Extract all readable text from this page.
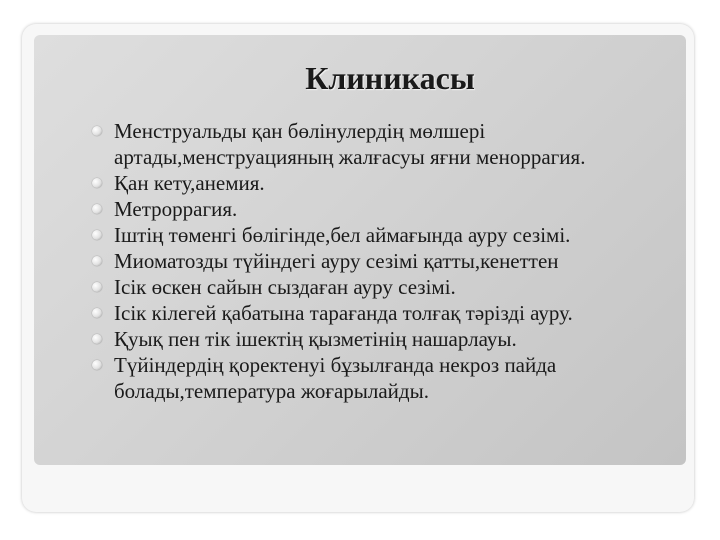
Клиникасы
Менструальды қан бөлінулердің мөлшері артады,менструацияның жалғасуы яғни меноррагия.
Қан кету,анемия.
Метроррагия.
Іштің төменгі бөлігінде,бел аймағында ауру сезімі.
Миоматозды түйіндегі ауру сезімі қатты,кенеттен
Ісік өскен сайын сыздаған ауру сезімі.
Ісік кілегей қабатына тарағанда толғақ тәрізді ауру.
Қуық пен тік ішектің қызметінің нашарлауы.
Түйіндердің қоректенуі бұзылғанда некроз пайда болады,температура жоғарылайды.
